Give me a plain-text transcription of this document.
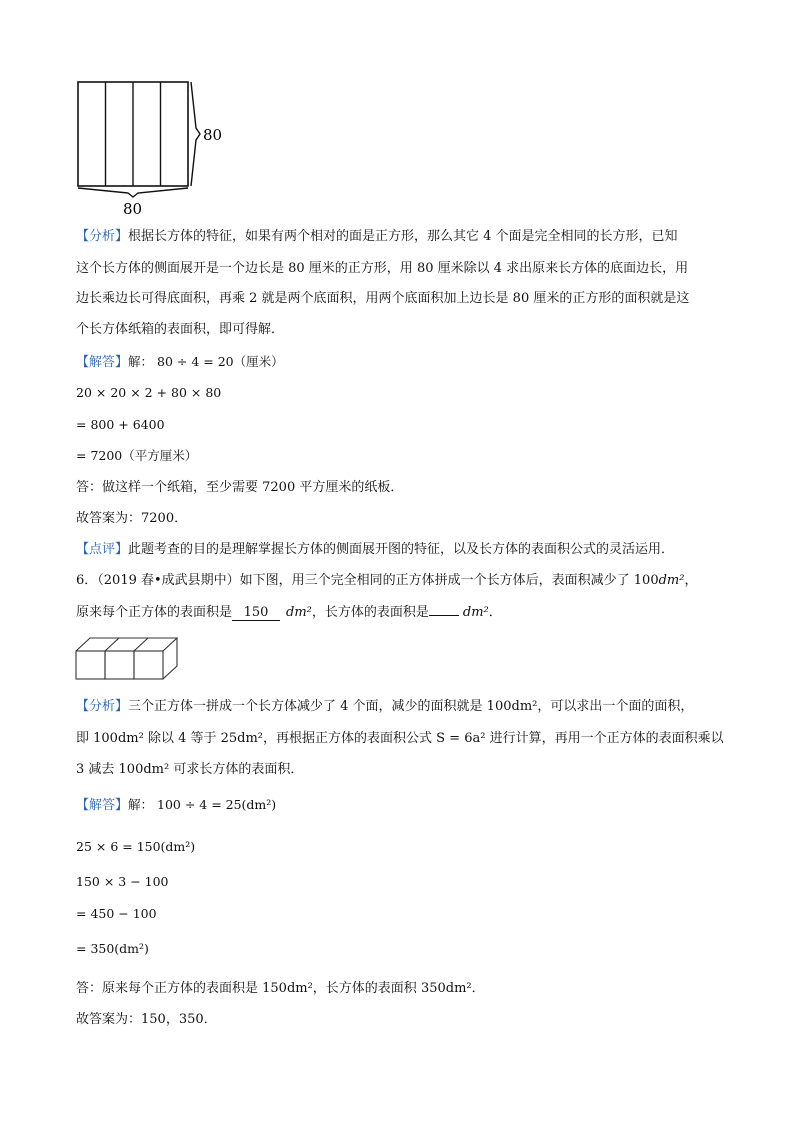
80
80
【分析】根据长方体的特征，如果有两个相对的面是正方形，那么其它 4 个面是完全相同的长方形，已知
这个长方体的侧面展开是一个边长是 80 厘米的正方形，用 80 厘米除以 4 求出原来长方体的底面边长，用
边长乘边长可得底面积，再乘 2 就是两个底面积，用两个底面积加上边长是 80 厘米的正方形的面积就是这
个长方体纸箱的表面积，即可得解．
【解答】解： 80 ÷ 4 = 20（厘米）
20 × 20 × 2 + 80 × 80
= 800 + 6400
= 7200（平方厘米）
答：做这样一个纸箱，至少需要 7200 平方厘米的纸板．
故答案为：7200．
【点评】此题考查的目的是理解掌握长方体的侧面展开图的特征，以及长方体的表面积公式的灵活运用．
6．（2019 春•成武县期中）如下图，用三个完全相同的正方体拼成一个长方体后，表面积减少了 100dm²，
原来每个正方体的表面积是 150 dm²，长方体的表面积是	dm²．
【分析】三个正方体一拼成一个长方体减少了 4 个面，减少的面积就是 100dm²，可以求出一个面的面积，
即 100dm² 除以 4 等于 25dm²，再根据正方体的表面积公式 S = 6a² 进行计算，再用一个正方体的表面积乘以
3 减去 100dm² 可求长方体的表面积．
【解答】解： 100 ÷ 4 = 25(dm²)
25 × 6 = 150(dm²)
150 × 3 − 100
= 450 − 100
= 350(dm²)
答：原来每个正方体的表面积是 150dm²，长方体的表面积 350dm²．
故答案为：150，350．
